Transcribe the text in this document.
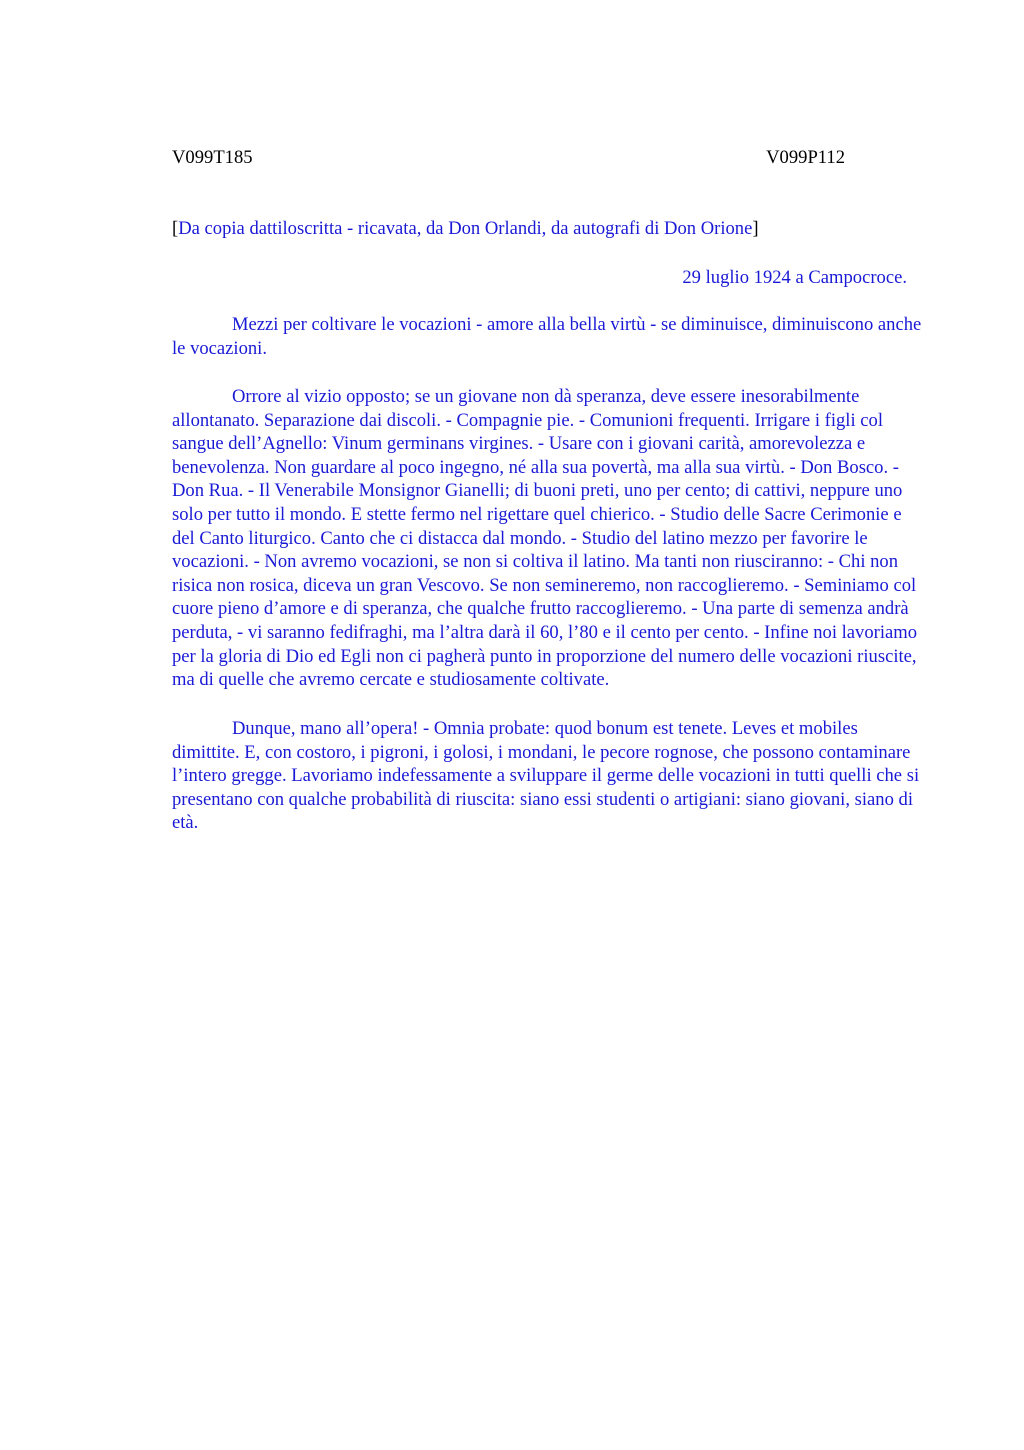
V099T185	V099P112
[Da copia dattiloscritta - ricavata, da Don Orlandi, da autografi di Don Orione]
29 luglio 1924 a Campocroce.

Mezzi per coltivare le vocazioni - amore alla bella virtù - se diminuisce, diminuiscono anche le vocazioni.

Orrore al vizio opposto; se un giovane non dà speranza, deve essere inesorabilmente allontanato. Separazione dai discoli. - Compagnie pie. - Comunioni frequenti. Irrigare i figli col sangue dell’Agnello: Vinum germinans virgines. - Usare con i giovani carità, amorevolezza e benevolenza. Non guardare al poco ingegno, né alla sua povertà, ma alla sua virtù. - Don Bosco. - Don Rua. - Il Venerabile Monsignor Gianelli; di buoni preti, uno per cento; di cattivi, neppure uno solo per tutto il mondo. E stette fermo nel rigettare quel chierico. - Studio delle Sacre Cerimonie e del Canto liturgico. Canto che ci distacca dal mondo. - Studio del latino mezzo per favorire le vocazioni. - Non avremo vocazioni, se non si coltiva il latino. Ma tanti non riusciranno: - Chi non risica non rosica, diceva un gran Vescovo. Se non semineremo, non raccoglieremo. - Seminiamo col cuore pieno d’amore e di speranza, che qualche frutto raccoglieremo. - Una parte di semenza andrà perduta, - vi saranno fedifraghi, ma l’altra darà il 60, l’80 e il cento per cento. - Infine noi lavoriamo per la gloria di Dio ed Egli non ci pagherà punto in proporzione del numero delle vocazioni riuscite, ma di quelle che avremo cercate e studiosamente coltivate.

Dunque, mano all’opera! - Omnia probate: quod bonum est tenete. Leves et mobiles dimittite. E, con costoro, i pigroni, i golosi, i mondani, le pecore rognose, che possono contaminare l’intero gregge. Lavoriamo indefessamente a sviluppare il germe delle vocazioni in tutti quelli che si presentano con qualche probabilità di riuscita: siano essi studenti o artigiani: siano giovani, siano di età.
